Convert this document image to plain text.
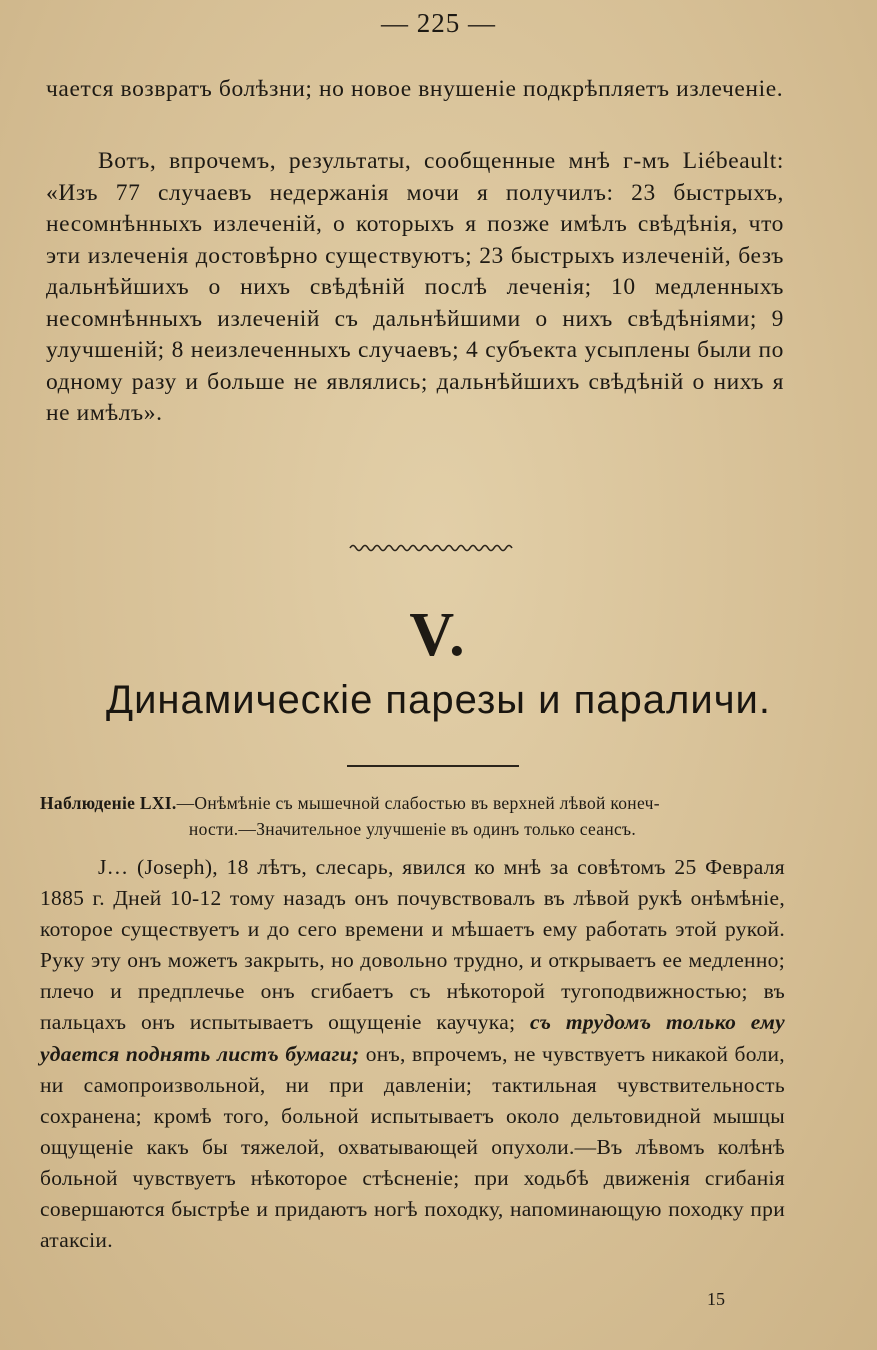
— 225 —

чается возвратъ болѣзни; но новое внушеніе подкрѣпляетъ излеченіе.

Вотъ, впрочемъ, результаты, сообщенные мнѣ г-мъ Liébeault: «Изъ 77 случаевъ недержанія мочи я получилъ: 23 быстрыхъ, несомнѣнныхъ излеченій, о которыхъ я позже имѣлъ свѣдѣнія, что эти излеченія достовѣрно существуютъ; 23 быстрыхъ излеченій, безъ дальнѣйшихъ о нихъ свѣдѣній послѣ леченія; 10 медленныхъ несомнѣнныхъ излеченій съ дальнѣйшими о нихъ свѣдѣніями; 9 улучшеній; 8 неизлеченныхъ случаевъ; 4 субъекта усыплены были по одному разу и больше не являлись; дальнѣйшихъ свѣдѣній о нихъ я не имѣлъ».

V.
Динамическіе парезы и параличи.

Наблюденіе LXI.—Онѣмѣніе съ мышечной слабостью въ верхней лѣвой конеч-
ности.—Значительное улучшеніе въ одинъ только сеансъ.

J… (Joseph), 18 лѣтъ, слесарь, явился ко мнѣ за совѣтомъ 25 Февраля 1885 г. Дней 10-12 тому назадъ онъ почувствовалъ въ лѣвой рукѣ онѣмѣніе, которое существуетъ и до сего времени и мѣшаетъ ему работать этой рукой. Руку эту онъ можетъ закрыть, но довольно трудно, и открываетъ ее медленно; плечо и предплечье онъ сгибаетъ съ нѣкоторой тугоподвижностью; въ пальцахъ онъ испытываетъ ощущеніе каучука; съ трудомъ только ему удается поднять листъ бумаги; онъ, впрочемъ, не чувствуетъ никакой боли, ни самопроизвольной, ни при давленіи; тактильная чувствительность сохранена; кромѣ того, больной испытываетъ около дельтовидной мышцы ощущеніе какъ бы тяжелой, охватывающей опухоли.—Въ лѣвомъ колѣнѣ больной чувствуетъ нѣкоторое стѣсненіе; при ходьбѣ движенія сгибанія совершаются быстрѣе и придаютъ ногѣ походку, напоминающую походку при атаксіи.

15
